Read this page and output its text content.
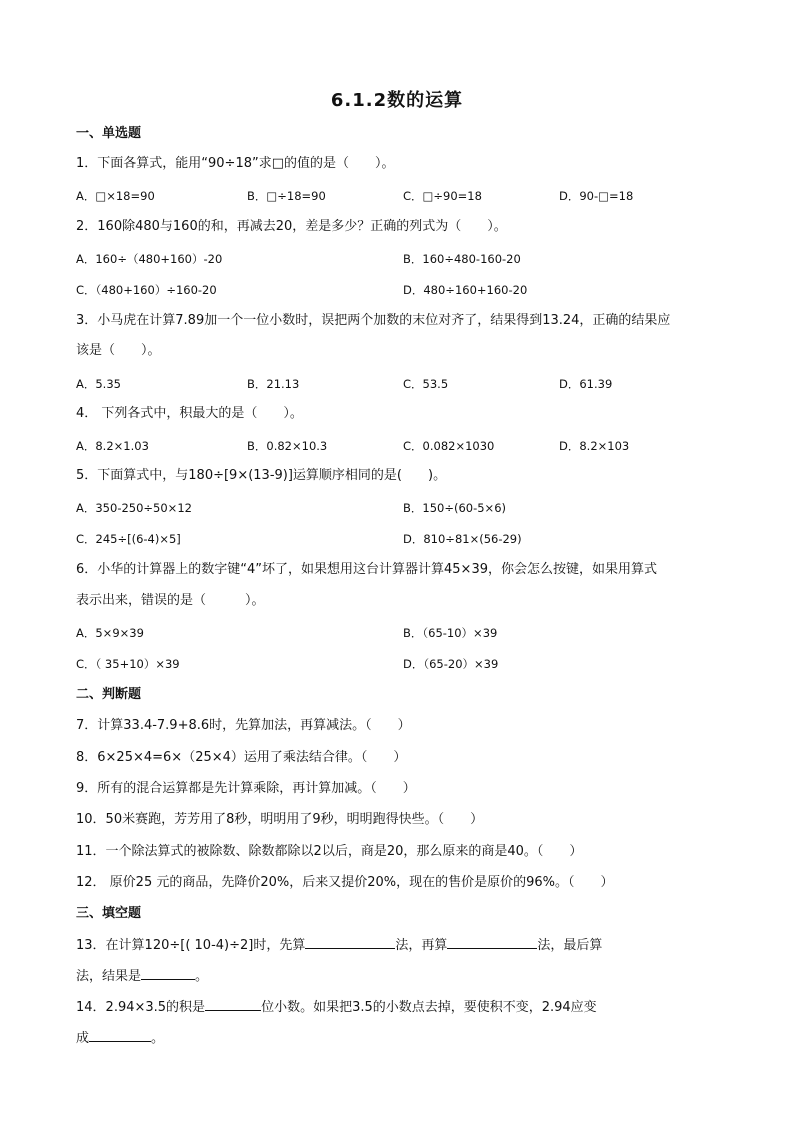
6.1.2数的运算
一、单选题
1．下面各算式，能用“90÷18”求□的值的是（　　）。
A．□×18=90	B．□÷18=90	C．□÷90=18	D．90-□=18
2．160除480与160的和，再减去20，差是多少？正确的列式为（　　）。
A．160÷（480+160）-20	B．160÷480-160-20
C．（480+160）÷160-20	D．480÷160+160-20
3．小马虎在计算7.89加一个一位小数时，误把两个加数的末位对齐了，结果得到13.24，正确的结果应
该是（　　）。
A．5.35	B．21.13	C．53.5	D．61.39
4． 下列各式中，积最大的是（　　）。
A．8.2×1.03	B．0.82×10.3	C．0.082×1030	D．8.2×103
5．下面算式中，与180÷[9×(13-9)]运算顺序相同的是(　　)。
A．350-250÷50×12	B．150÷(60-5×6)
C．245÷[(6-4)×5]	D．810÷81×(56-29)
6．小华的计算器上的数字键“4”坏了，如果想用这台计算器计算45×39，你会怎么按键，如果用算式
表示出来，错误的是（　　　）。
A．5×9×39	B．（65-10）×39
C．（ 35+10）×39	D．（65-20）×39
二、判断题
7．计算33.4-7.9+8.6时，先算加法，再算减法。（　　）
8．6×25×4=6×（25×4）运用了乘法结合律。（　　）
9．所有的混合运算都是先计算乘除，再计算加减。（　　）
10．50米赛跑，芳芳用了8秒，明明用了9秒，明明跑得快些。（　　）
11．一个除法算式的被除数、除数都除以2以后，商是20，那么原来的商是40。（　　）
12． 原价25 元的商品，先降价20%，后来又提价20%，现在的售价是原价的96%。（　　）
三、填空题
13．在计算120÷[( 10-4)÷2]时，先算	法，再算	法，最后算
法，结果是	。
14．2.94×3.5的积是	位小数。如果把3.5的小数点去掉，要使积不变，2.94应变
成	。
